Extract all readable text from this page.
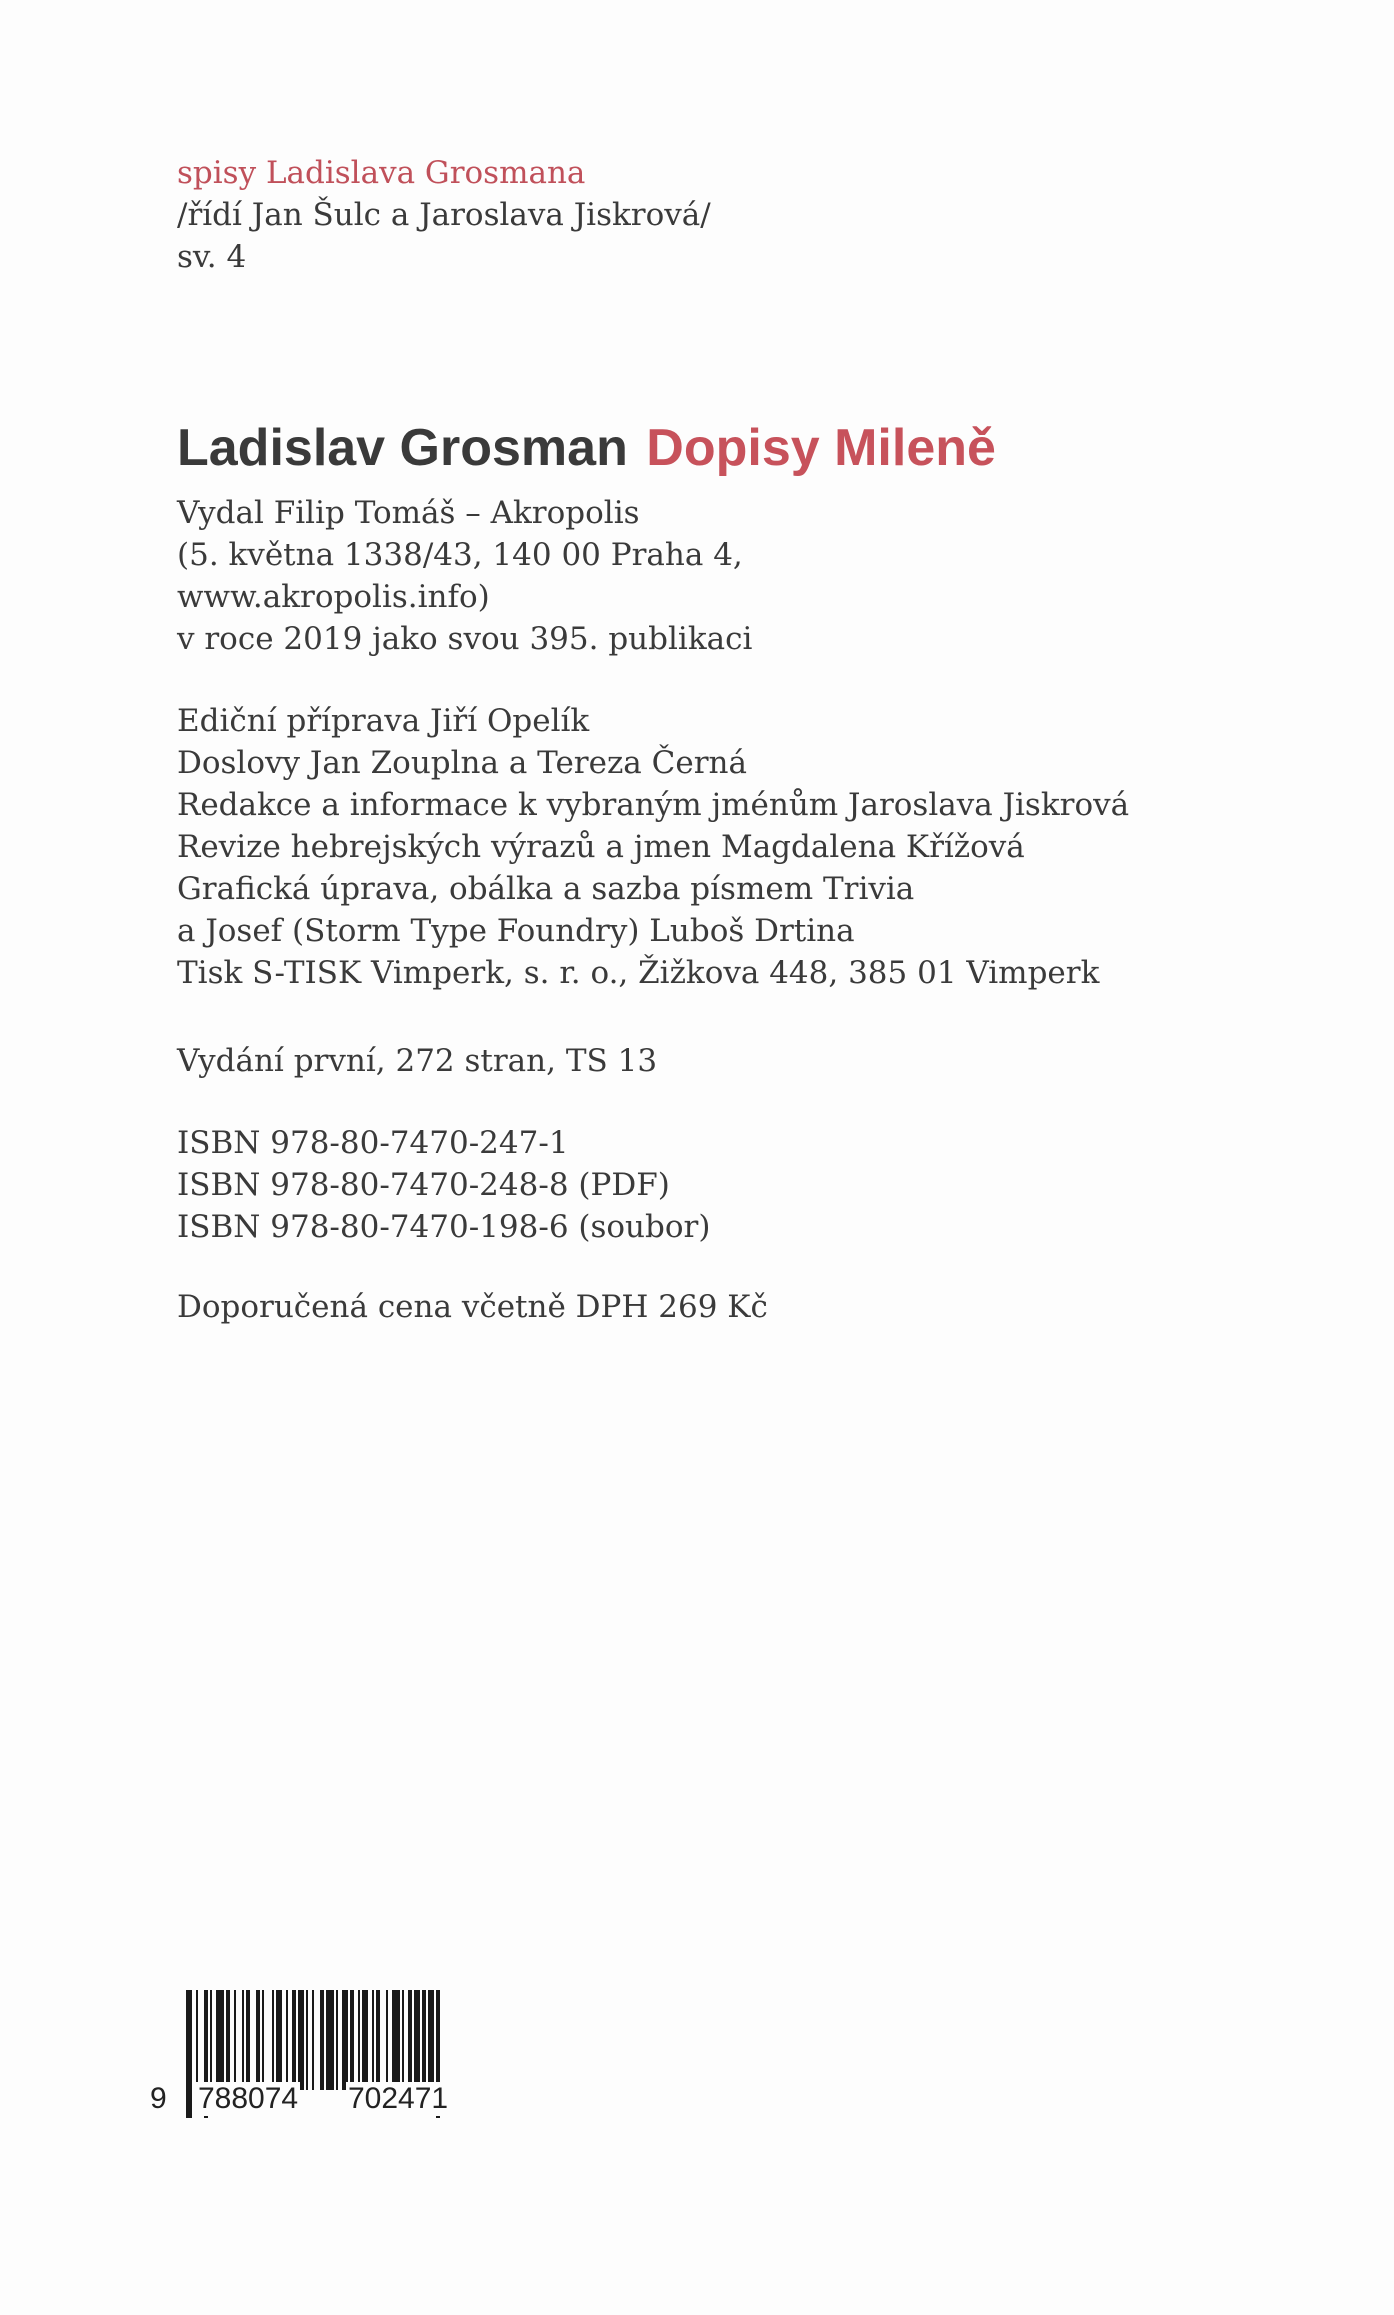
spisy Ladislava Grosmana
/řídí Jan Šulc a Jaroslava Jiskrová/
sv. 4
Ladislav Grosman Dopisy Mileně
Vydal Filip Tomáš – Akropolis
(5. května 1338/43, 140 00 Praha 4,
www.akropolis.info)
v roce 2019 jako svou 395. publikaci
Ediční příprava Jiří Opelík
Doslovy Jan Zouplna a Tereza Černá
Redakce a informace k vybraným jménům Jaroslava Jiskrová
Revize hebrejských výrazů a jmen Magdalena Křížová
Grafická úprava, obálka a sazba písmem Trivia
a Josef (Storm Type Foundry) Luboš Drtina
Tisk S-TISK Vimperk, s. r. o., Žižkova 448, 385 01 Vimperk
Vydání první, 272 stran, TS 13
ISBN 978-80-7470-247-1
ISBN 978-80-7470-248-8 (PDF)
ISBN 978-80-7470-198-6 (soubor)
Doporučená cena včetně DPH 269 Kč
9 788074 702471
